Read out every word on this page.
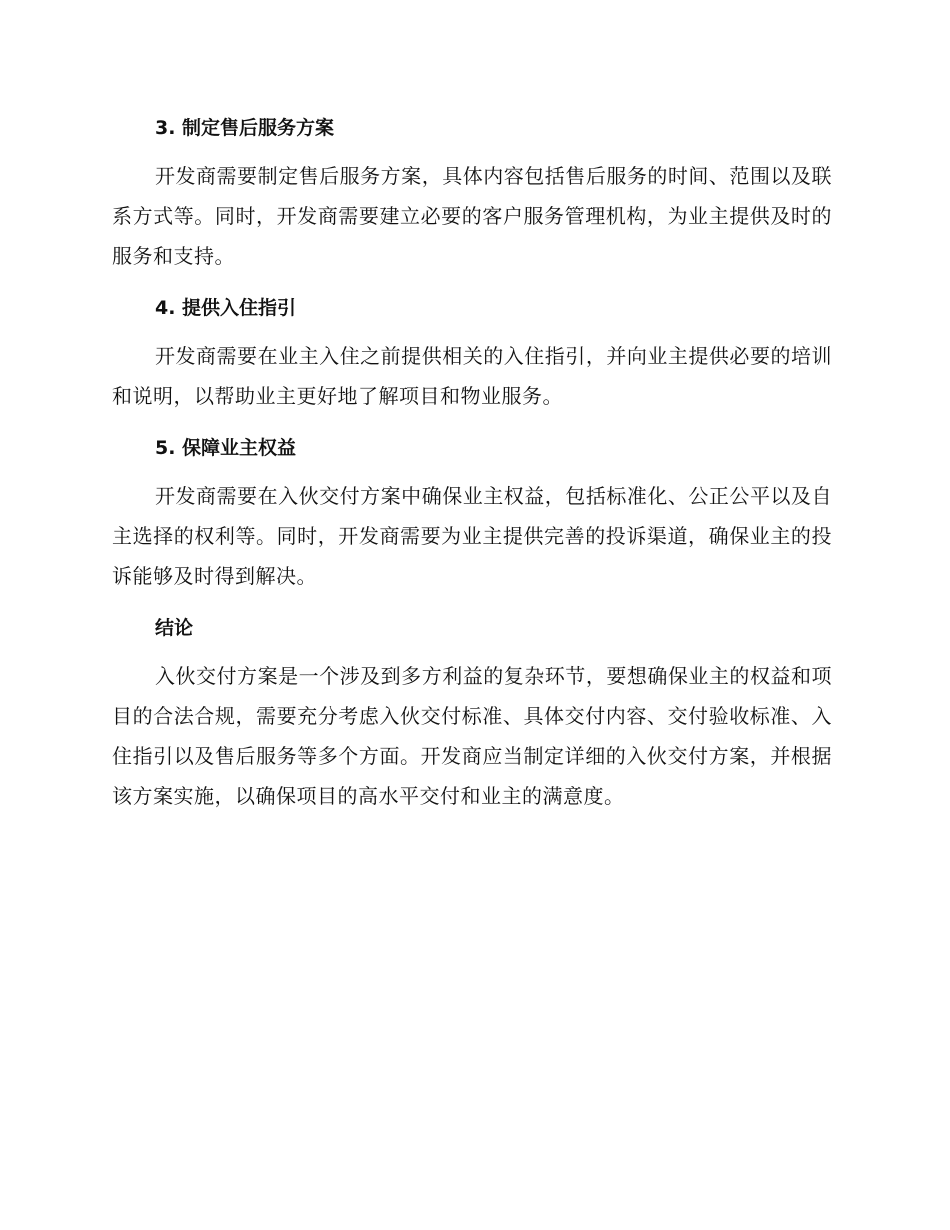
3. 制定售后服务方案

开发商需要制定售后服务方案，具体内容包括售后服务的时间、范围以及联系方式等。同时，开发商需要建立必要的客户服务管理机构，为业主提供及时的服务和支持。

4. 提供入住指引

开发商需要在业主入住之前提供相关的入住指引，并向业主提供必要的培训和说明，以帮助业主更好地了解项目和物业服务。

5. 保障业主权益

开发商需要在入伙交付方案中确保业主权益，包括标准化、公正公平以及自主选择的权利等。同时，开发商需要为业主提供完善的投诉渠道，确保业主的投诉能够及时得到解决。

结论

入伙交付方案是一个涉及到多方利益的复杂环节，要想确保业主的权益和项目的合法合规，需要充分考虑入伙交付标准、具体交付内容、交付验收标准、入住指引以及售后服务等多个方面。开发商应当制定详细的入伙交付方案，并根据该方案实施，以确保项目的高水平交付和业主的满意度。
